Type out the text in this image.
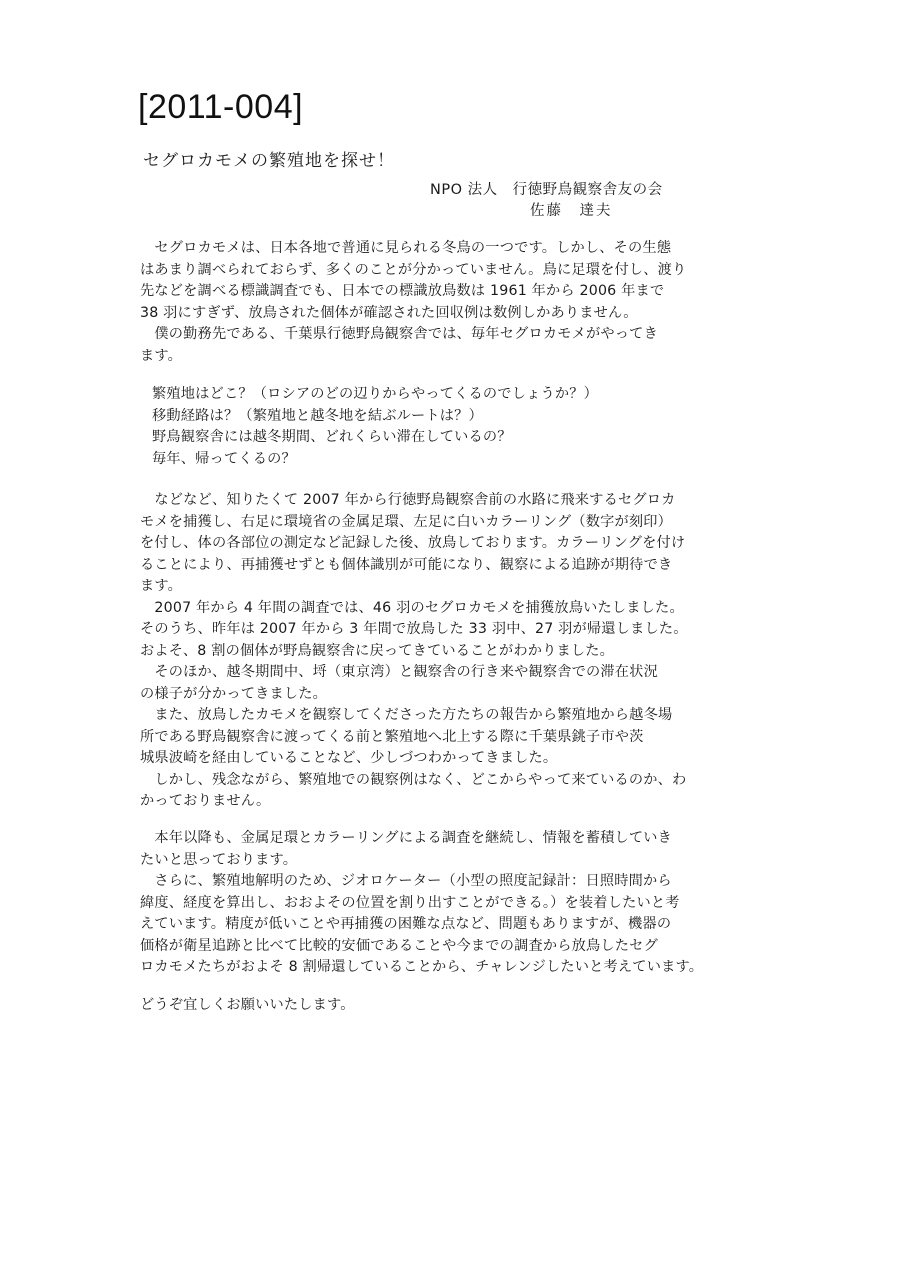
[2011-004]
セグロカモメの繁殖地を探せ！
NPO 法人　行徳野鳥観察舎友の会
佐藤　達夫

　セグロカモメは、日本各地で普通に見られる冬鳥の一つです。しかし、その生態

はあまり調べられておらず、多くのことが分かっていません。鳥に足環を付し、渡り

先などを調べる標識調査でも、日本での標識放鳥数は 1961 年から 2006 年まで

38 羽にすぎず、放鳥された個体が確認された回収例は数例しかありません。

　僕の勤務先である、千葉県行徳野鳥観察舎では、毎年セグロカモメがやってき

ます。

繁殖地はどこ？（ロシアのどの辺りからやってくるのでしょうか？）

移動経路は？（繁殖地と越冬地を結ぶルートは？）

野鳥観察舎には越冬期間、どれくらい滞在しているの？

毎年、帰ってくるの？

　などなど、知りたくて 2007 年から行徳野鳥観察舎前の水路に飛来するセグロカ

モメを捕獲し、右足に環境省の金属足環、左足に白いカラーリング（数字が刻印）

を付し、体の各部位の測定など記録した後、放鳥しております。カラーリングを付け

ることにより、再捕獲せずとも個体識別が可能になり、観察による追跡が期待でき

ます。

　2007 年から 4 年間の調査では、46 羽のセグロカモメを捕獲放鳥いたしました。

そのうち、昨年は 2007 年から 3 年間で放鳥した 33 羽中、27 羽が帰還しました。

およそ、8 割の個体が野鳥観察舎に戻ってきていることがわかりました。

　そのほか、越冬期間中、埒（東京湾）と観察舎の行き来や観察舎での滞在状況

の様子が分かってきました。

　また、放鳥したカモメを観察してくださった方たちの報告から繁殖地から越冬場

所である野鳥観察舎に渡ってくる前と繁殖地へ北上する際に千葉県銚子市や茨

城県波崎を経由していることなど、少しづつわかってきました。

　しかし、残念ながら、繁殖地での観察例はなく、どこからやって来ているのか、わ

かっておりません。

　本年以降も、金属足環とカラーリングによる調査を継続し、情報を蓄積していき

たいと思っております。

　さらに、繁殖地解明のため、ジオロケーター（小型の照度記録計：日照時間から

緯度、経度を算出し、おおよその位置を割り出すことができる。）を装着したいと考

えています。精度が低いことや再捕獲の困難な点など、問題もありますが、機器の

価格が衛星追跡と比べて比較的安価であることや今までの調査から放鳥したセグ

ロカモメたちがおよそ 8 割帰還していることから、チャレンジしたいと考えています。

どうぞ宜しくお願いいたします。
